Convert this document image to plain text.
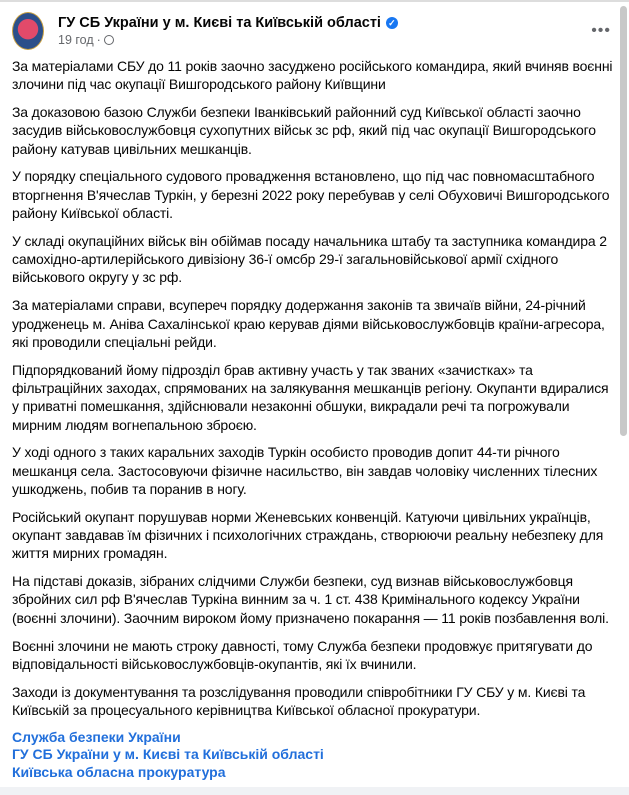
ГУ СБ України у м. Києві та Київській області ✓
19 год ·
•••

За матеріалами СБУ до 11 років заочно засуджено російського командира, який вчиняв воєнні злочини під час окупації Вишгородського району Київщини

За доказовою базою Служби безпеки Іванківський районний суд Київської області заочно засудив військовослужбовця сухопутних військ зс рф, який під час окупації Вишгородського району катував цивільних мешканців.

У порядку спеціального судового провадження встановлено, що під час повномасштабного вторгнення В'ячеслав Туркін, у березні 2022 року перебував у селі Обухoвичі Вишгородського району Київської області.

У складі окупаційних військ він обіймав посаду начальника штабу та заступника командира 2 самохідно-артилерійського дивізіону 36-ї омсбр 29-ї загальновійськової армії східного військового округу у зс рф.

За матеріалами справи, всупереч порядку додержання законів та звичаїв війни, 24-річний уродженець м. Аніва Сахалінської краю керував діями військовослужбовців країни-агресора, які проводили спеціальні рейди.

Підпорядкований йому підрозділ брав активну участь у так званих «зачистках» та фільтраційних заходах, спрямованих на залякування мешканців регіону. Окупанти вдиралися у приватні помешкання, здійснювали незаконні обшуки, викрадали речі та погрожували мирним людям вогнепальною зброєю.

У ході одного з таких каральних заходів Туркін особисто проводив допит 44-ти річного мешканця села. Застосовуючи фізичне насильство, він завдав чоловіку численних тілесних ушкоджень, побив та поранив в ногу.

Російський окупант порушував норми Женевських конвенцій. Катуючи цивільних українців, окупант завдавав їм фізичних і психологічних страждань, створюючи реальну небезпеку для життя мирних громадян.

На підставі доказів, зібраних слідчими Служби безпеки, суд визнав військовослужбовця збройних сил рф В'ячеслав Туркіна винним за ч. 1 ст. 438 Кримінального кодексу України (воєнні злочини). Заочним вироком йому призначено покарання — 11 років позбавлення волі.

Воєнні злочини не мають строку давності, тому Служба безпеки продовжує притягувати до відповідальності військовослужбовців-окупантів, які їх вчинили.

Заходи із документування та розслідування проводили співробітники ГУ СБУ у м. Києві та Київській за процесуального керівництва Київської обласної прокуратури.

Служба безпеки України
ГУ СБ України у м. Києві та Київській області
Київська обласна прокуратура
